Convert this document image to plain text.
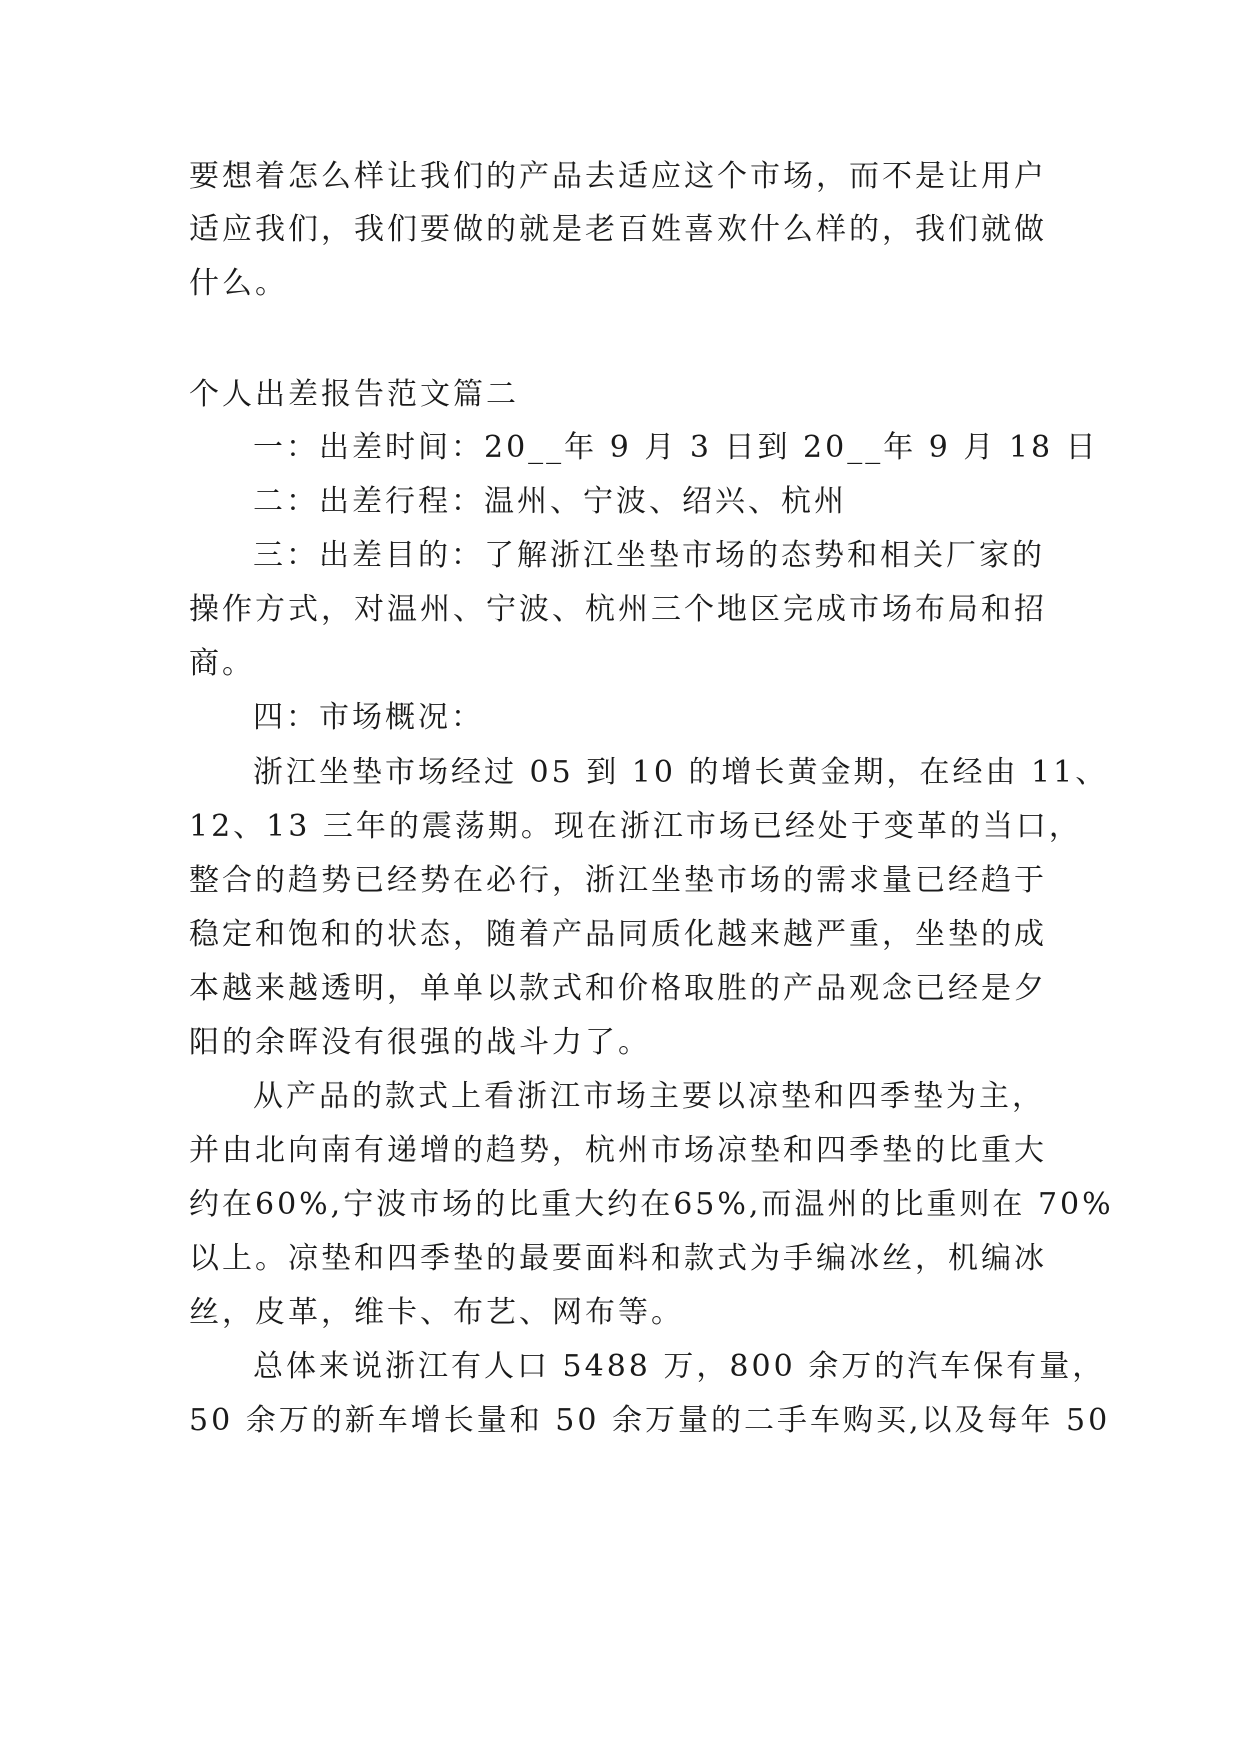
要想着怎么样让我们的产品去适应这个市场，而不是让用户

适应我们，我们要做的就是老百姓喜欢什么样的，我们就做

什么。

个人出差报告范文篇二

一：出差时间：20__年 9 月 3 日到 20__年 9 月 18 日

二：出差行程：温州、宁波、绍兴、杭州

三：出差目的：了解浙江坐垫市场的态势和相关厂家的

操作方式，对温州、宁波、杭州三个地区完成市场布局和招

商。

四：市场概况：

浙江坐垫市场经过 05 到 10 的增长黄金期，在经由 11、

12、13 三年的震荡期。现在浙江市场已经处于变革的当口，

整合的趋势已经势在必行，浙江坐垫市场的需求量已经趋于

稳定和饱和的状态，随着产品同质化越来越严重，坐垫的成

本越来越透明，单单以款式和价格取胜的产品观念已经是夕

阳的余晖没有很强的战斗力了。

从产品的款式上看浙江市场主要以凉垫和四季垫为主，

并由北向南有递增的趋势，杭州市场凉垫和四季垫的比重大

约在60%,宁波市场的比重大约在65%,而温州的比重则在 70%

以上。凉垫和四季垫的最要面料和款式为手编冰丝，机编冰

丝，皮革，维卡、布艺、网布等。

总体来说浙江有人口 5488 万，800 余万的汽车保有量，

50 余万的新车增长量和 50 余万量的二手车购买,以及每年 50
